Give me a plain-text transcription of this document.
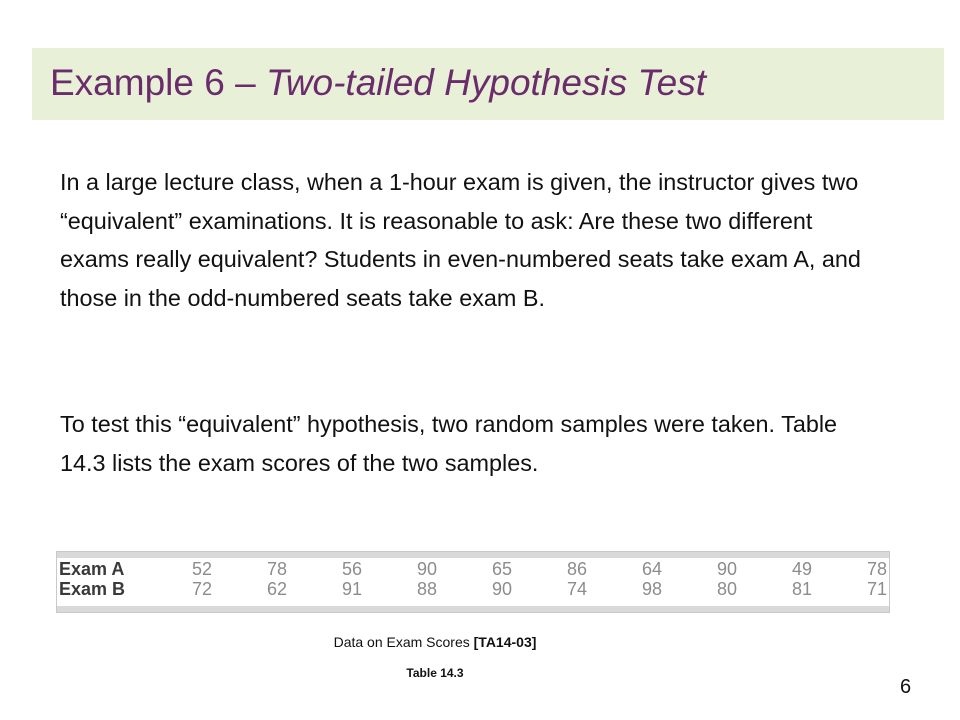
Example 6 – Two-tailed Hypothesis Test
In a large lecture class, when a 1-hour exam is given, the instructor gives two “equivalent” examinations. It is reasonable to ask: Are these two different exams really equivalent? Students in even-numbered seats take exam A, and those in the odd-numbered seats take exam B.
To test this “equivalent” hypothesis, two random samples were taken. Table 14.3 lists the exam scores of the two samples.
Exam A	52	78	56	90	65	86	64	90	49	78
Exam B	72	62	91	88	90	74	98	80	81	71
Data on Exam Scores [TA14-03]
Table 14.3
6
